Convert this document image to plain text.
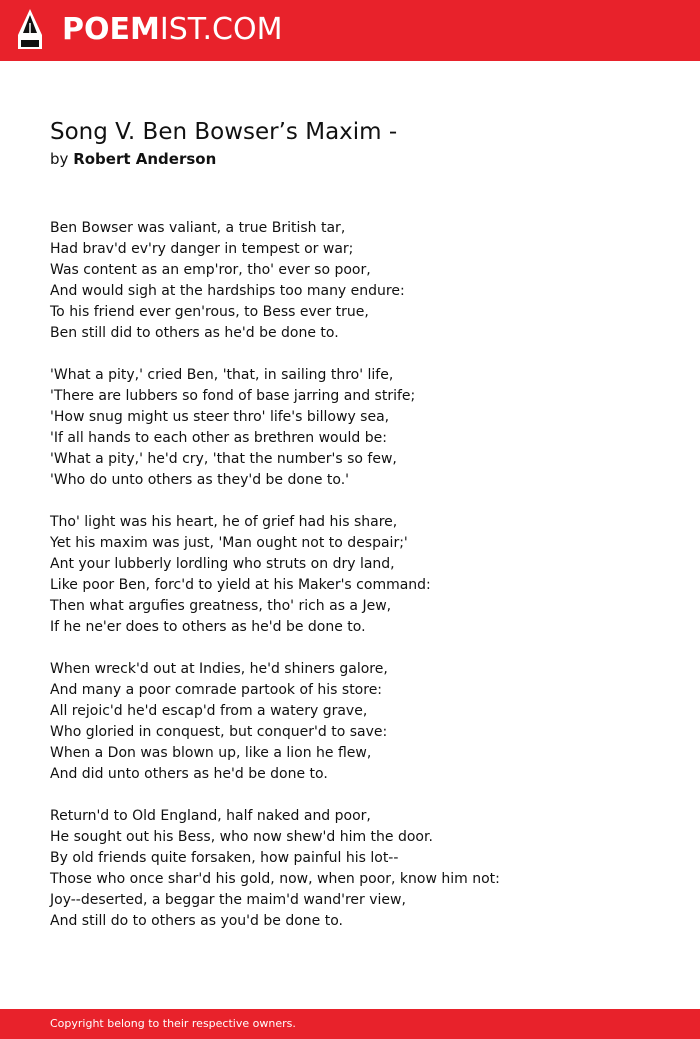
POEMIST.COM
Song V. Ben Bowser’s Maxim -
by Robert Anderson
Ben Bowser was valiant, a true British tar,
Had brav'd ev'ry danger in tempest or war;
Was content as an emp'ror, tho' ever so poor,
And would sigh at the hardships too many endure:
To his friend ever gen'rous, to Bess ever true,
Ben still did to others as he'd be done to.
'What a pity,' cried Ben, 'that, in sailing thro' life,
'There are lubbers so fond of base jarring and strife;
'How snug might us steer thro' life's billowy sea,
'If all hands to each other as brethren would be:
'What a pity,' he'd cry, 'that the number's so few,
'Who do unto others as they'd be done to.'
Tho' light was his heart, he of grief had his share,
Yet his maxim was just, 'Man ought not to despair;'
Ant your lubberly lordling who struts on dry land,
Like poor Ben, forc'd to yield at his Maker's command:
Then what argufies greatness, tho' rich as a Jew,
If he ne'er does to others as he'd be done to.
When wreck'd out at Indies, he'd shiners galore,
And many a poor comrade partook of his store:
All rejoic'd he'd escap'd from a watery grave,
Who gloried in conquest, but conquer'd to save:
When a Don was blown up, like a lion he flew,
And did unto others as he'd be done to.
Return'd to Old England, half naked and poor,
He sought out his Bess, who now shew'd him the door.
By old friends quite forsaken, how painful his lot--
Those who once shar'd his gold, now, when poor, know him not:
Joy--deserted, a beggar the maim'd wand'rer view,
And still do to others as you'd be done to.
Copyright belong to their respective owners.
